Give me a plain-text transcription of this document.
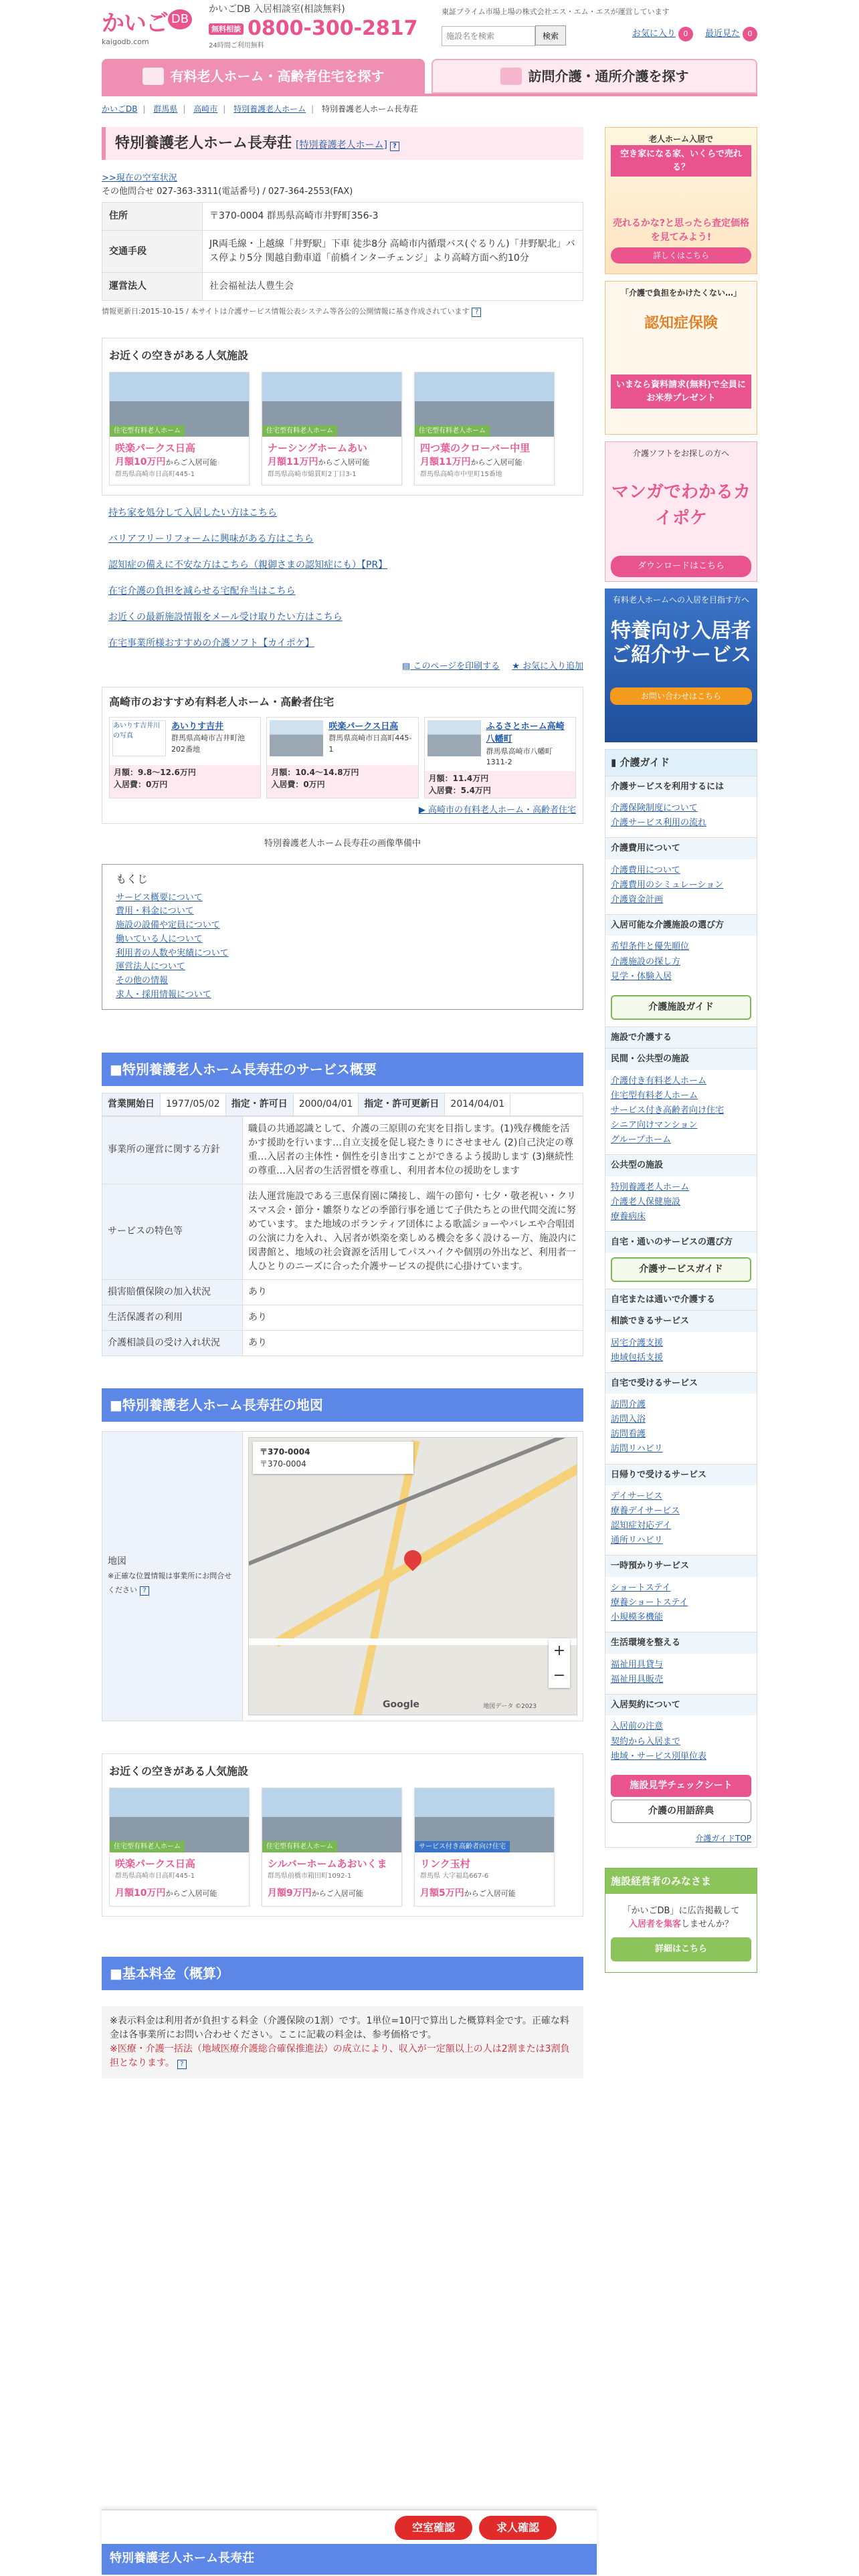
かいご DB
kaigodb.com
かいごDB 入居相談室(相談無料)
無料相談 0800-300-2817
24時間ご利用無料
東証プライム市場上場の株式会社エス・エム・エスが運営しています
施設名を検索検索	お気に入り 0 最近見た 0
有料老人ホーム・高齢者住宅を探す	訪問介護・通所介護を探す
かいごDB | 群馬県 | 高崎市 | 特別養護老人ホーム | 特別養護老人ホーム長寿荘
特別養護老人ホーム長寿荘 [特別養護老人ホーム] ?
>>現在の空室状況
その他問合せ 027-363-3311(電話番号) / 027-364-2553(FAX)
住所	〒370-0004 群馬県高崎市井野町356-3
交通手段	JR両毛線・上越線「井野駅」下車 徒歩8分 高崎市内循環バス(ぐるりん)「井野駅北」バス停より5分 関越自動車道「前橋インターチェンジ」より高崎方面へ約10分
運営法人	社会福祉法人豊生会
情報更新日:2015-10-15 / 本サイトは介護サービス情報公表システム等各公的公開情報に基き作成されています ?
お近くの空きがある人気施設
住宅型有料老人ホーム
咲楽パークス日高
月額10万円からご入居可能
群馬県高崎市日高町445-1
住宅型有料老人ホーム
ナーシングホームあい
月額11万円からご入居可能
群馬県高崎市綿貫町2丁目3-1
住宅型有料老人ホーム
四つ葉のクローバー中里
月額11万円からご入居可能
群馬県高崎市中里町15番地

持ち家を処分して入居したい方はこちら

バリアフリーリフォームに興味がある方はこちら

認知症の備えに不安な方はこちら（親御さまの認知症にも）【PR】

在宅介護の負担を減らせる宅配弁当はこちら

お近くの最新施設情報をメール受け取りたい方はこちら

在宅事業所様おすすめの介護ソフト【カイポケ】

▤ このページを印刷する ★ お気に入り追加
高崎市のおすすめ有料老人ホーム・高齢者住宅
あいりす吉井川の写真
あいりす吉井
群馬県高崎市吉井町池202番地
月額：9.8〜12.6万円
入居費：0万円
咲楽パークス日高
群馬県高崎市日高町445-1
月額：10.4〜14.8万円
入居費：0万円
ふるさとホーム高崎八幡町
群馬県高崎市八幡町1311-2
月額：11.4万円
入居費：5.4万円
▶ 高崎市の有料老人ホーム・高齢者住宅
特別養護老人ホーム長寿荘の画像準備中
もくじ
サービス概要について
費用・料金について
施設の設備や定員について
働いている人について
利用者の人数や実績について
運営法人について
その他の情報
求人・採用情報について
■特別養護老人ホーム長寿荘のサービス概要
営業開始日	1977/05/02	指定・許可日	2000/04/01	指定・許可更新日	2014/04/01
事業所の運営に関する方針	職員の共通認識として、介護の三原則の充実を目指します。(1)残存機能を活かす援助を行います…自立支援を促し寝たきりにさせません (2)自己決定の尊重…入居者の主体性・個性を引き出すことができるよう援助します (3)継続性の尊重…入居者の生活習慣を尊重し、利用者本位の援助をします
サービスの特色等	法人運営施設である三恵保育園に隣接し、端午の節句・七夕・敬老祝い・クリスマス会・節分・雛祭りなどの季節行事を通じて子供たちとの世代間交流に努めています。また地域のボランティア団体による歌謡ショーやバレエや合唱団の公演に力を入れ、入居者が娯楽を楽しめる機会を多く設けるー方、施設内に図書館と、地域の社会資源を活用してパスハイクや個別の外出など、利用者一人ひとりのニーズに合った介護サービスの提供に心掛けています。
損害賠償保険の加入状況	あり
生活保護者の利用	あり
介護相談員の受け入れ状況	あり
■特別養護老人ホーム長寿荘の地図
地図
※正確な位置情報は事業所にお問合せください ?	
〒370-0004
〒370-0004
+
−
Google	地図データ ©2023
お近くの空きがある人気施設
住宅型有料老人ホーム
咲楽パークス日高
群馬県高崎市日高町445-1
月額10万円からご入居可能
住宅型有料老人ホーム
シルバーホームあおいくま
群馬県前橋市箱田町1092-1
月額9万円からご入居可能
サービス付き高齢者向け住宅
リンク玉村
群馬県 大字福島667-6
月額5万円からご入居可能
■基本料金（概算）

※表示料金は利用者が負担する料金（介護保険の1割）です。1単位=10円で算出した概算料金です。正確な料金は各事業所にお問い合わせください。ここに記載の料金は、参考価格です。

※医療・介護一括法（地域医療介護総合確保推進法）の成立により、収入が一定額以上の人は2割または3割負担となります。 ?

老人ホーム入居で
空き家になる家、いくらで売れる？
売れるかな?と思ったら査定価格を見てみよう!
詳しくはこちら
「介護で負担をかけたくない…」
認知症保険
いまなら資料請求(無料)で全員にお米券プレゼント
介護ソフトをお探しの方へ
マンガでわかるカイポケ
ダウンロードはこちら
有料老人ホームへの入居を目指す方へ
特養向け入居者ご紹介サービス
お問い合わせはこちら
▮ 介護ガイド
介護サービスを利用するには
介護保険制度について
介護サービス利用の流れ
介護費用について
介護費用について
介護費用のシミュレーション
介護資金計画
入居可能な介護施設の選び方
希望条件と優先順位
介護施設の探し方
見学・体験入居
介護施設ガイド
施設で介護する
民間・公共型の施設
介護付き有料老人ホーム
住宅型有料老人ホーム
サービス付き高齢者向け住宅
シニア向けマンション
グループホーム
公共型の施設
特別養護老人ホーム
介護老人保健施設
療養病床
自宅・通いのサービスの選び方
介護サービスガイド
自宅または通いで介護する
相談できるサービス
居宅介護支援
地域包括支援
自宅で受けるサービス
訪問介護
訪問入浴
訪問看護
訪問リハビリ
日帰りで受けるサービス
デイサービス
療養デイサービス
認知症対応デイ
通所リハビリ
一時預かりサービス
ショートステイ
療養ショートステイ
小規模多機能
生活環境を整える
福祉用具貸与
福祉用具販売
入居契約について
入居前の注意
契約から入居まで
地域・サービス別単位表
施設見学チェックシート
介護の用語辞典
介護ガイドTOP
施設経営者のみなさま
「かいごDB」に広告掲載して
入居者を集客しませんか？
詳細はこちら
空室確認	求人確認
特別養護老人ホーム長寿荘
